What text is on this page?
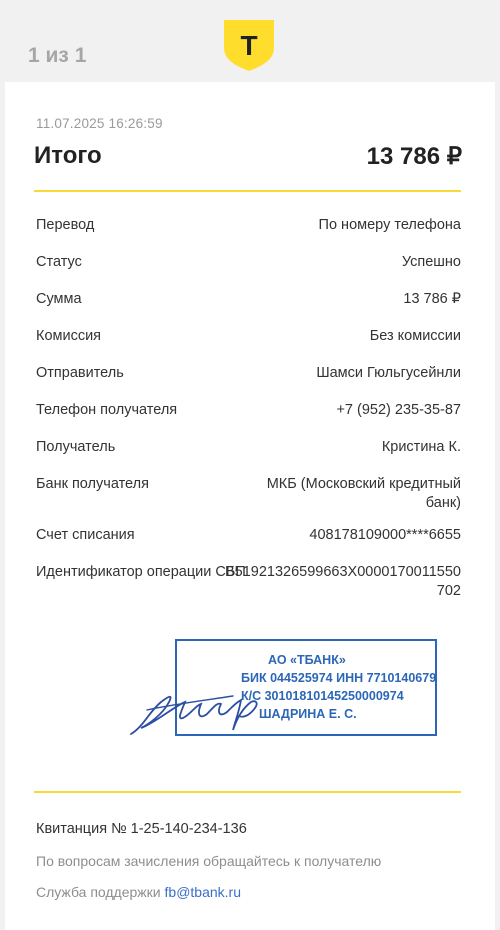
1 из 1	Т
11.07.2025 16:26:59
Итого	13 786 ₽
Перевод	По номеру телефона
Статус	Успешно
Сумма	13 786 ₽
Комиссия	Без комиссии
Отправитель	Шамси Гюльгусейнли
Телефон получателя	+7 (952) 235-35-87
Получатель	Кристина К.
Банк получателя	МКБ (Московский кредитный банк)
Счет списания	408178109000****6655
Идентификатор операции СБП
B51921326599663X0000170011550702
АО «ТБАНК»
БИК 044525974 ИНН 7710140679
К/С 30101810145250000974
ШАДРИНА Е. С.
Квитанция № 1-25-140-234-136
По вопросам зачисления обращайтесь к получателю
Служба поддержки fb@tbank.ru
